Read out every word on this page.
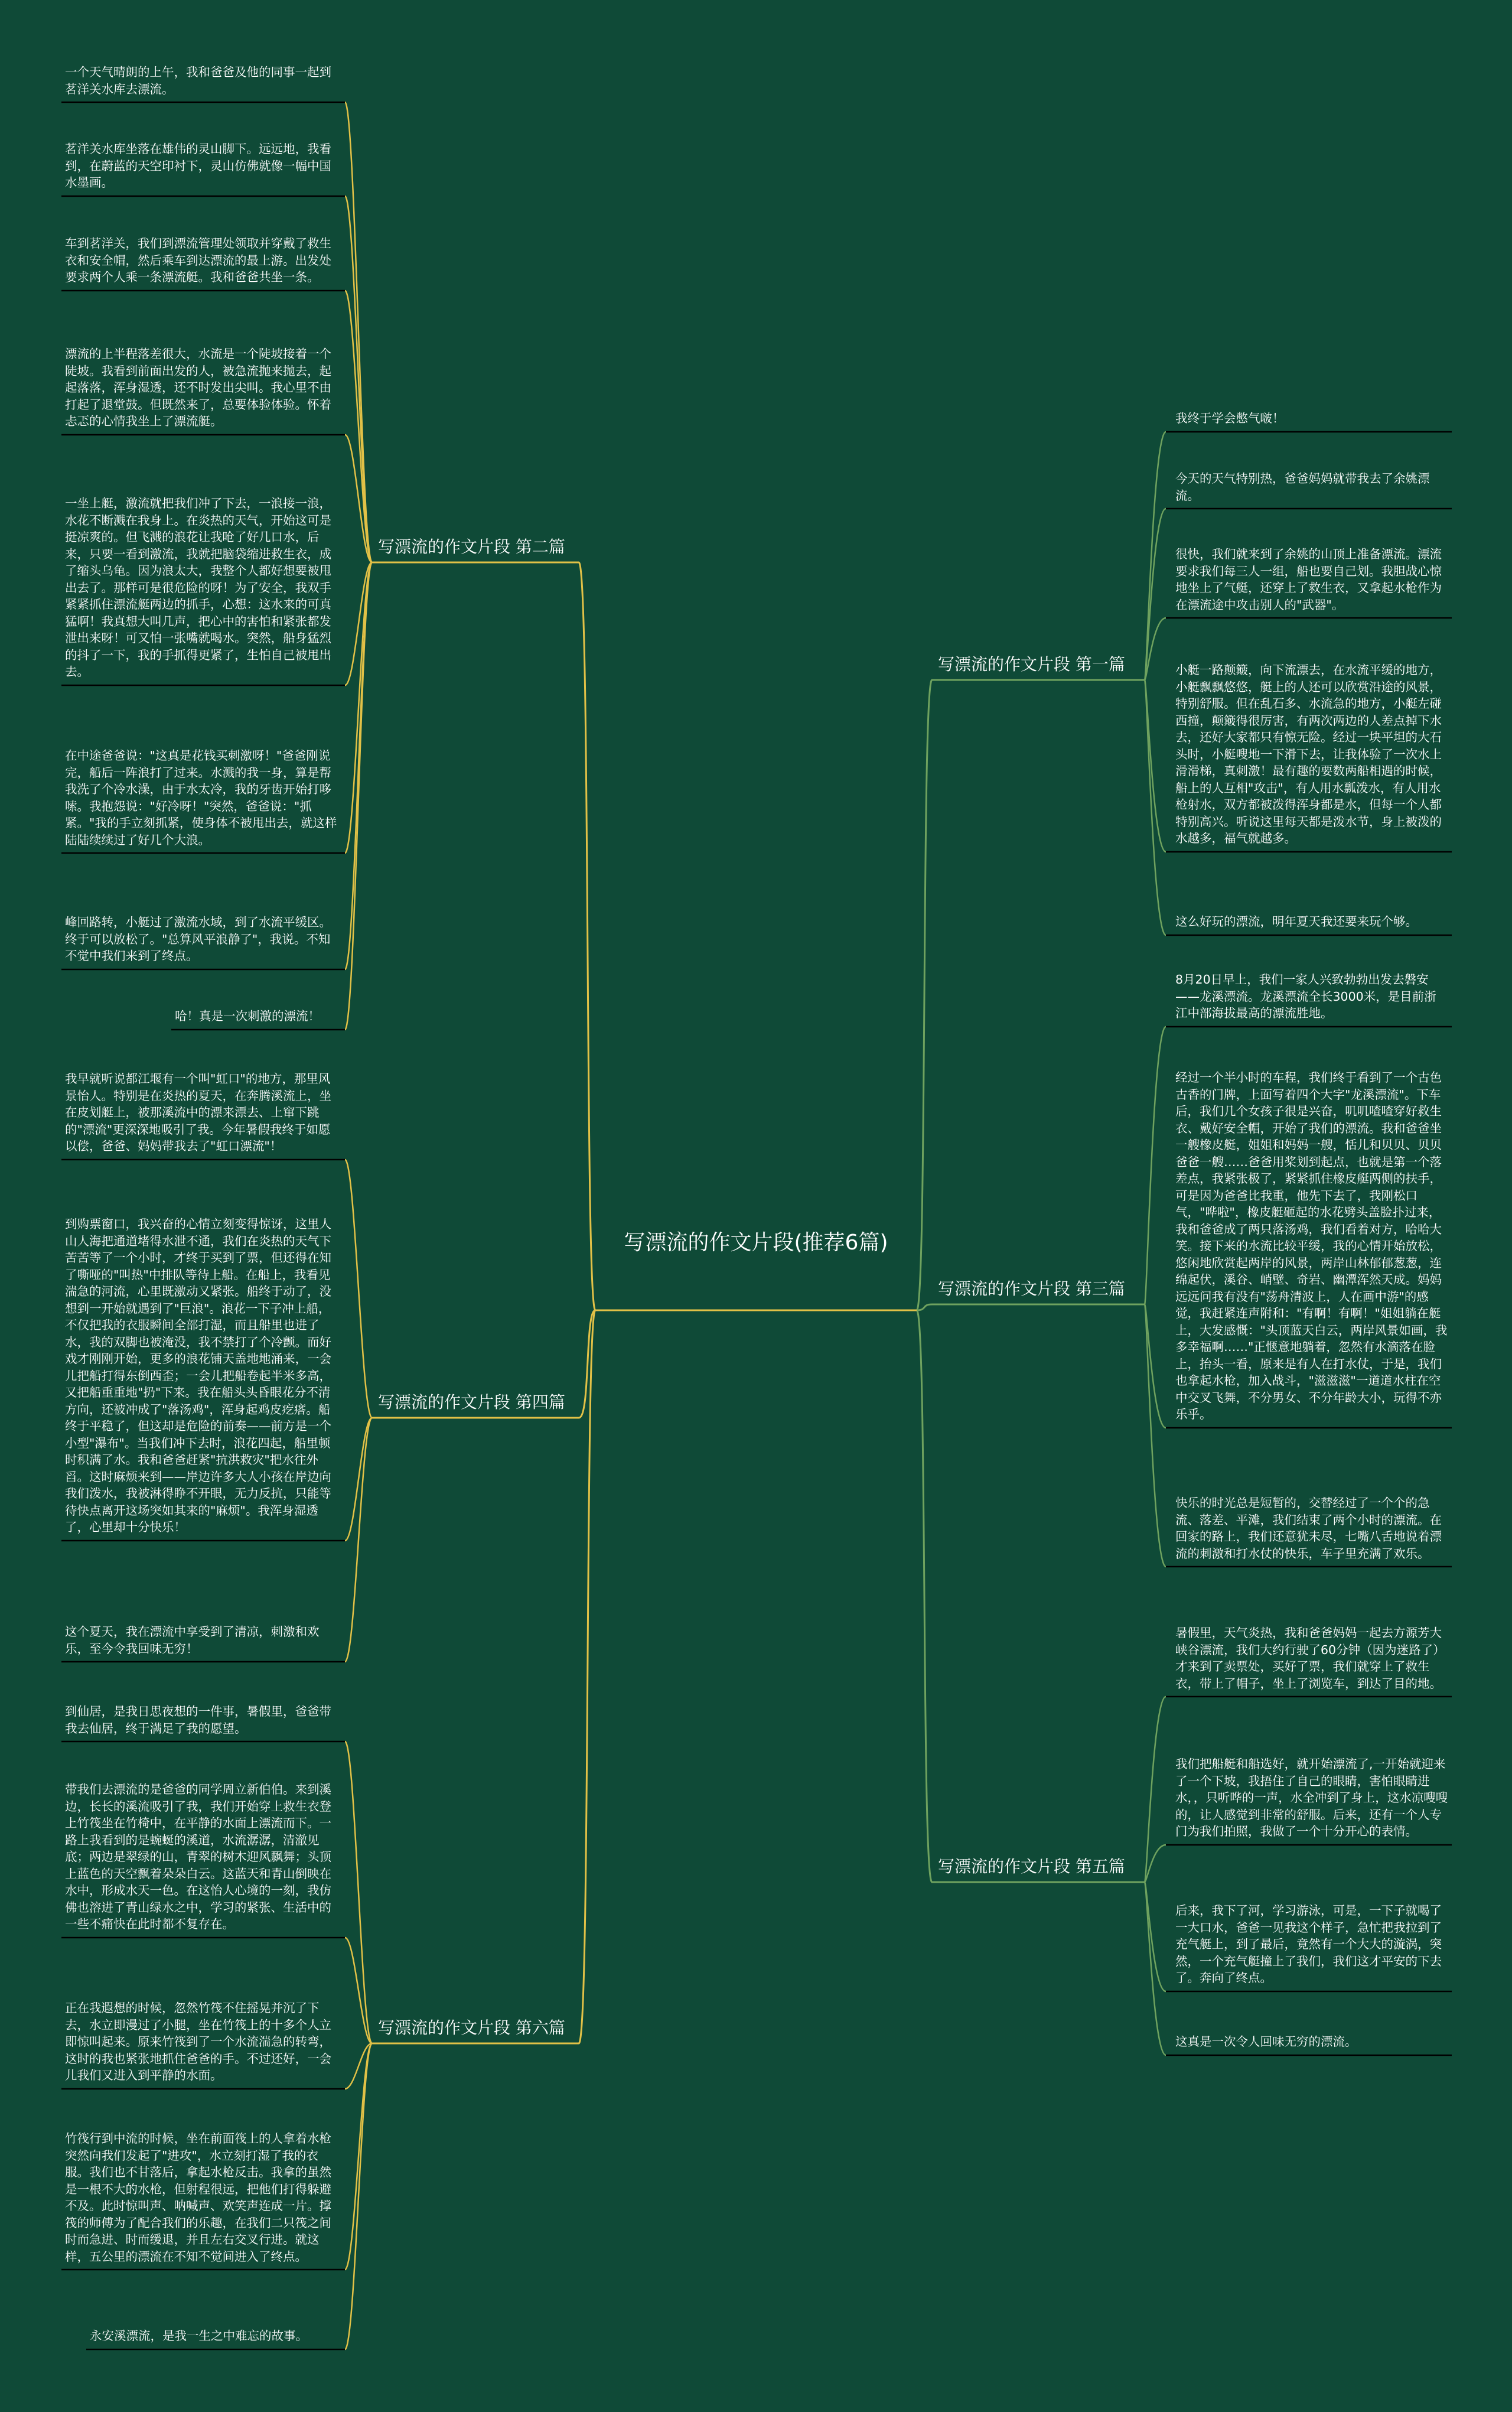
写漂流的作文片段(推荐6篇)
写漂流的作文片段 第二篇
一个天气晴朗的上午，我和爸爸及他的同事一起到茗洋关水库去漂流。
茗洋关水库坐落在雄伟的灵山脚下。远远地，我看到，在蔚蓝的天空印衬下，灵山仿佛就像一幅中国水墨画。
车到茗洋关，我们到漂流管理处领取并穿戴了救生衣和安全帽，然后乘车到达漂流的最上游。出发处要求两个人乘一条漂流艇。我和爸爸共坐一条。
漂流的上半程落差很大，水流是一个陡坡接着一个陡坡。我看到前面出发的人，被急流抛来抛去，起起落落，浑身湿透，还不时发出尖叫。我心里不由打起了退堂鼓。但既然来了，总要体验体验。怀着忐忑的心情我坐上了漂流艇。
一坐上艇，激流就把我们冲了下去，一浪接一浪，水花不断溅在我身上。在炎热的天气，开始这可是挺凉爽的。但飞溅的浪花让我呛了好几口水，后来，只要一看到激流，我就把脑袋缩进救生衣，成了缩头乌龟。因为浪太大，我整个人都好想要被甩出去了。那样可是很危险的呀！为了安全，我双手紧紧抓住漂流艇两边的抓手，心想：这水来的可真猛啊！我真想大叫几声，把心中的害怕和紧张都发泄出来呀！可又怕一张嘴就喝水。突然，船身猛烈的抖了一下，我的手抓得更紧了，生怕自己被甩出去。
在中途爸爸说："这真是花钱买刺激呀！"爸爸刚说完，船后一阵浪打了过来。水溅的我一身，算是帮我洗了个冷水澡，由于水太冷，我的牙齿开始打哆嗦。我抱怨说："好冷呀！"突然，爸爸说："抓紧。"我的手立刻抓紧，使身体不被甩出去，就这样陆陆续续过了好几个大浪。
峰回路转，小艇过了激流水域，到了水流平缓区。终于可以放松了。"总算风平浪静了"，我说。不知不觉中我们来到了终点。
哈！真是一次刺激的漂流！
写漂流的作文片段 第四篇
我早就听说都江堰有一个叫"虹口"的地方，那里风景怡人。特别是在炎热的夏天，在奔腾溪流上，坐在皮划艇上，被那溪流中的漂来漂去、上窜下跳的"漂流"更深深地吸引了我。今年暑假我终于如愿以偿，爸爸、妈妈带我去了"虹口漂流"！
到购票窗口，我兴奋的心情立刻变得惊讶，这里人山人海把通道堵得水泄不通，我们在炎热的天气下苦苦等了一个小时，才终于买到了票，但还得在知了嘶哑的"叫热"中排队等待上船。在船上，我看见湍急的河流，心里既激动又紧张。船终于动了，没想到一开始就遇到了"巨浪"。浪花一下子冲上船，不仅把我的衣服瞬间全部打湿，而且船里也进了水，我的双脚也被淹没，我不禁打了个冷颤。而好戏才刚刚开始，更多的浪花铺天盖地地涌来，一会儿把船打得东倒西歪；一会儿把船卷起半米多高，又把船重重地"扔"下来。我在船头头昏眼花分不清方向，还被冲成了"落汤鸡"，浑身起鸡皮疙瘩。船终于平稳了，但这却是危险的前奏——前方是一个小型"瀑布"。当我们冲下去时，浪花四起，船里顿时积满了水。我和爸爸赶紧"抗洪救灾"把水往外舀。这时麻烦来到——岸边许多大人小孩在岸边向我们泼水，我被淋得睁不开眼，无力反抗，只能等待快点离开这场突如其来的"麻烦"。我浑身湿透了，心里却十分快乐！
这个夏天，我在漂流中享受到了清凉，刺激和欢乐，至今令我回味无穷！
写漂流的作文片段 第六篇
到仙居，是我日思夜想的一件事，暑假里，爸爸带我去仙居，终于满足了我的愿望。
带我们去漂流的是爸爸的同学周立新伯伯。来到溪边，长长的溪流吸引了我，我们开始穿上救生衣登上竹筏坐在竹椅中，在平静的水面上漂流而下。一路上我看到的是蜿蜒的溪道，水流潺潺，清澈见底；两边是翠绿的山，青翠的树木迎风飘舞；头顶上蓝色的天空飘着朵朵白云。这蓝天和青山倒映在水中，形成水天一色。在这怡人心境的一刻，我仿佛也溶进了青山绿水之中，学习的紧张、生活中的一些不痛快在此时都不复存在。
正在我遐想的时候，忽然竹筏不住摇晃并沉了下去，水立即漫过了小腿，坐在竹筏上的十多个人立即惊叫起来。原来竹筏到了一个水流湍急的转弯，这时的我也紧张地抓住爸爸的手。不过还好，一会儿我们又进入到平静的水面。
竹筏行到中流的时候，坐在前面筏上的人拿着水枪突然向我们发起了"进攻"，水立刻打湿了我的衣服。我们也不甘落后，拿起水枪反击。我拿的虽然是一根不大的水枪，但射程很远，把他们打得躲避不及。此时惊叫声、呐喊声、欢笑声连成一片。撑筏的师傅为了配合我们的乐趣，在我们二只筏之间时而急进、时而缓退，并且左右交叉行进。就这样，五公里的漂流在不知不觉间进入了终点。
永安溪漂流，是我一生之中难忘的故事。
写漂流的作文片段 第一篇
我终于学会憋气啵！
今天的天气特别热，爸爸妈妈就带我去了余姚漂流。
很快，我们就来到了余姚的山顶上准备漂流。漂流要求我们每三人一组，船也要自己划。我胆战心惊地坐上了气艇，还穿上了救生衣，又拿起水枪作为在漂流途中攻击别人的"武器"。
小艇一路颠簸，向下流漂去，在水流平缓的地方，小艇飘飘悠悠，艇上的人还可以欣赏沿途的风景，特别舒服。但在乱石多、水流急的地方，小艇左碰西撞，颠簸得很厉害，有两次两边的人差点掉下水去，还好大家都只有惊无险。经过一块平坦的大石头时，小艇嗖地一下滑下去，让我体验了一次水上滑滑梯，真刺激！最有趣的要数两船相遇的时候，船上的人互相"攻击"，有人用水瓢泼水，有人用水枪射水，双方都被泼得浑身都是水，但每一个人都特别高兴。听说这里每天都是泼水节，身上被泼的水越多，福气就越多。
这么好玩的漂流，明年夏天我还要来玩个够。
写漂流的作文片段 第三篇
8月20日早上，我们一家人兴致勃勃出发去磐安——龙溪漂流。龙溪漂流全长3000米，是目前浙江中部海拔最高的漂流胜地。
经过一个半小时的车程，我们终于看到了一个古色古香的门牌，上面写着四个大字"龙溪漂流"。下车后，我们几个女孩子很是兴奋，叽叽喳喳穿好救生衣、戴好安全帽，开始了我们的漂流。我和爸爸坐一艘橡皮艇，姐姐和妈妈一艘，恬儿和贝贝、贝贝爸爸一艘……爸爸用桨划到起点，也就是第一个落差点，我紧张极了，紧紧抓住橡皮艇两侧的扶手，可是因为爸爸比我重，他先下去了，我刚松口气，"哗啦"，橡皮艇砸起的水花劈头盖脸扑过来，我和爸爸成了两只落汤鸡，我们看着对方，哈哈大笑。接下来的水流比较平缓，我的心情开始放松，悠闲地欣赏起两岸的风景，两岸山林郁郁葱葱，连绵起伏，溪谷、峭壁、奇岩、幽潭浑然天成。妈妈远远问我有没有"荡舟清波上，人在画中游"的感觉，我赶紧连声附和："有啊！有啊！"姐姐躺在艇上，大发感慨："头顶蓝天白云，两岸风景如画，我多幸福啊……"正惬意地躺着，忽然有水滴落在脸上，抬头一看，原来是有人在打水仗，于是，我们也拿起水枪，加入战斗，"滋滋滋"一道道水柱在空中交叉飞舞，不分男女、不分年龄大小，玩得不亦乐乎。
快乐的时光总是短暂的，交替经过了一个个的急流、落差、平滩，我们结束了两个小时的漂流。在回家的路上，我们还意犹未尽，七嘴八舌地说着漂流的刺激和打水仗的快乐，车子里充满了欢乐。
写漂流的作文片段 第五篇
暑假里，天气炎热，我和爸爸妈妈一起去方源芳大峡谷漂流，我们大约行驶了60分钟（因为迷路了）才来到了卖票处，买好了票，我们就穿上了救生衣，带上了帽子，坐上了浏览车，到达了目的地。
我们把船艇和船选好，就开始漂流了,一开始就迎来了一个下坡，我捂住了自己的眼睛，害怕眼睛进水，，只听哗的一声，水全冲到了身上，这水凉嗖嗖的，让人感觉到非常的舒服。后来，还有一个人专门为我们拍照，我做了一个十分开心的表情。
后来，我下了河，学习游泳，可是，一下子就喝了一大口水，爸爸一见我这个样子，急忙把我拉到了充气艇上，到了最后，竟然有一个大大的漩涡，突然，一个充气艇撞上了我们，我们这才平安的下去了。奔向了终点。
这真是一次令人回味无穷的漂流。
